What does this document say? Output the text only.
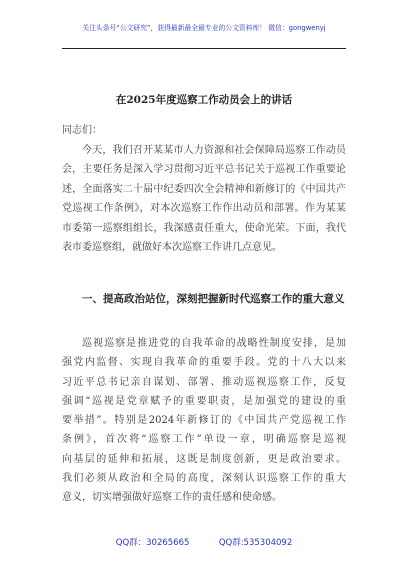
关注头条号“公文研究”，获得最新最全最专业的公文资料库！ 微信：gongwenyj
在2025年度巡察工作动员会上的讲话
同志们：
今天，我们召开某某市人力资源和社会保障局巡察工作动员会，主要任务是深入学习贯彻习近平总书记关于巡视工作重要论述，全面落实二十届中纪委四次全会精神和新修订的《中国共产党巡视工作条例》，对本次巡察工作作出动员和部署。作为某某市委第一巡察组组长，我深感责任重大，使命光荣。下面，我代表市委巡察组，就做好本次巡察工作讲几点意见。
一、提高政治站位，深刻把握新时代巡察工作的重大意义
巡视巡察是推进党的自我革命的战略性制度安排，是加
强党内监督、实现自我革命的重要手段。党的十八大以来
习近平总书记亲自谋划、部署、推动巡视巡察工作，反复
强调“巡视是党章赋予的重要职责，是加强党的建设的重
要举措”。特别是2024年新修订的《中国共产党巡视工作
条例》，首次将“巡察工作”单设一章，明确巡察是巡视
向基层的延伸和拓展，这既是制度创新，更是政治要求。
我们必须从政治和全局的高度，深刻认识巡察工作的重大
意义，切实增强做好巡察工作的责任感和使命感。
QQ群：30265665	QQ群:535304092
